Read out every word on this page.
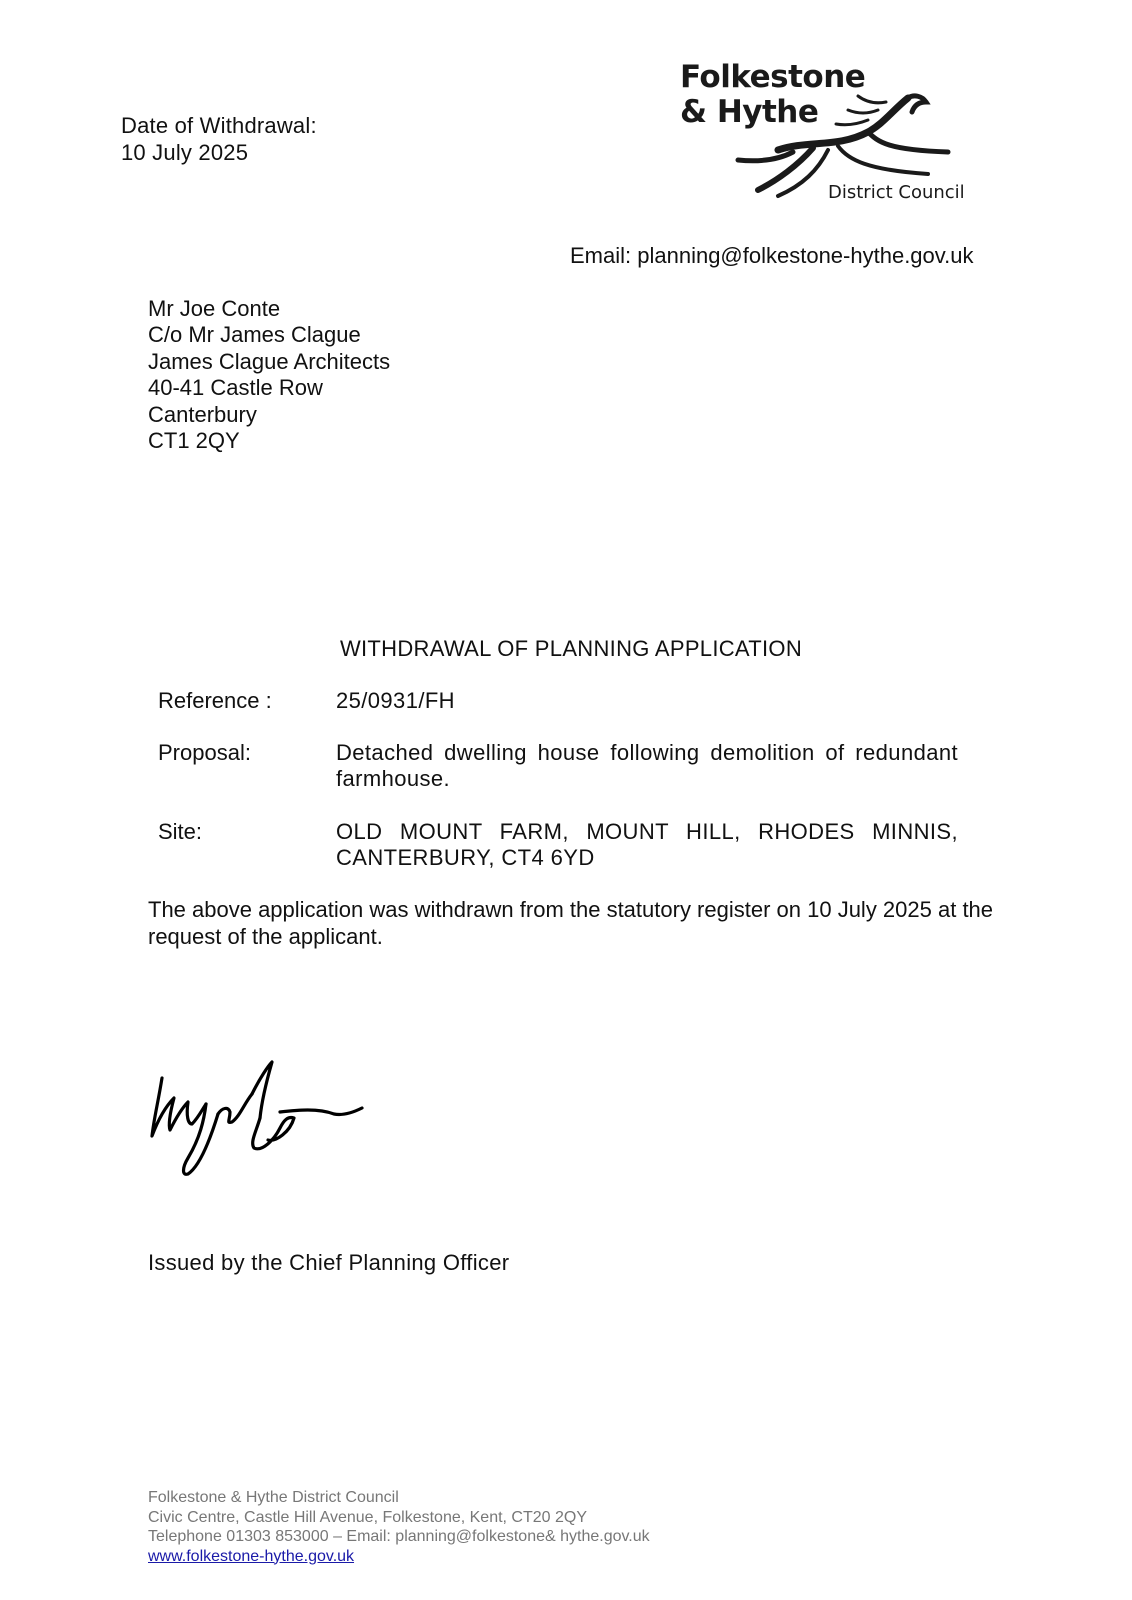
Date of Withdrawal:
10 July 2025
Folkestone
& Hythe
District Council
Email: planning@folkestone-hythe.gov.uk
Mr Joe Conte
C/o Mr James Clague
James Clague Architects
40-41 Castle Row
Canterbury
CT1 2QY
WITHDRAWAL OF PLANNING APPLICATION
Reference :	25/0931/FH
Proposal:	Detached dwelling house following demolition of redundant farmhouse.
Site:	OLD MOUNT FARM, MOUNT HILL, RHODES MINNIS, CANTERBURY, CT4 6YD
The above application was withdrawn from the statutory register on 10 July 2025 at the request of the applicant.
Issued by the Chief Planning Officer
Folkestone & Hythe District Council
Civic Centre, Castle Hill Avenue, Folkestone, Kent, CT20 2QY
Telephone 01303 853000 – Email: planning@folkestone& hythe.gov.uk
www.folkestone-hythe.gov.uk
